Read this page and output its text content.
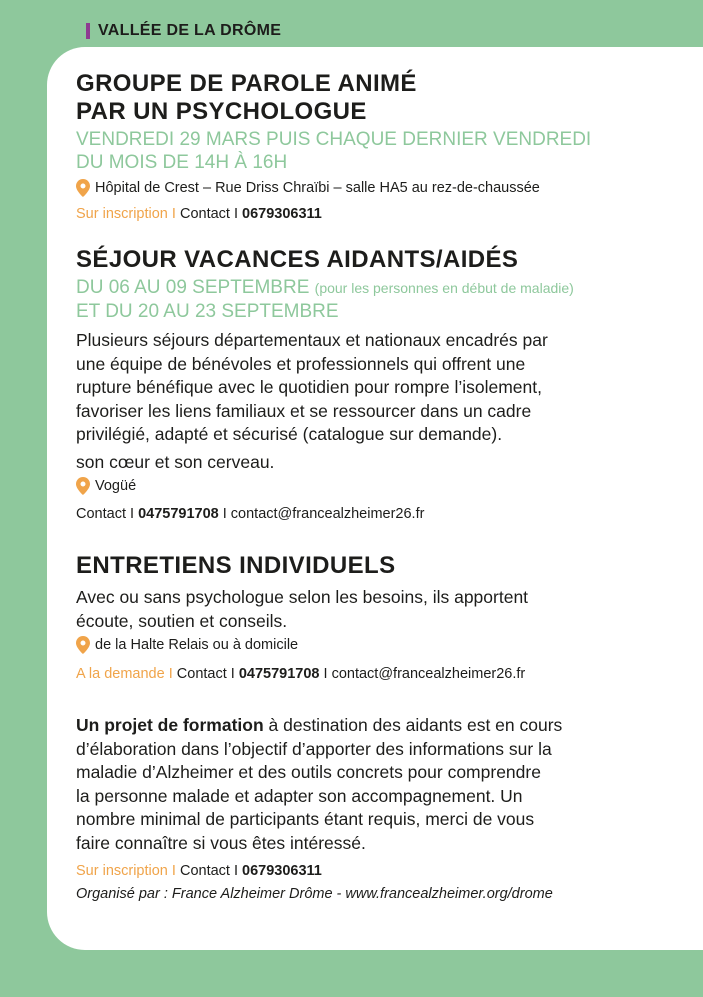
VALLÉE DE LA DRÔME
GROUPE DE PAROLE ANIMÉ
PAR UN PSYCHOLOGUE
VENDREDI 29 MARS PUIS CHAQUE DERNIER VENDREDI
DU MOIS DE 14H À 16H
Hôpital de Crest – Rue Driss Chraïbi – salle HA5 au rez-de-chaussée
Sur inscription I Contact I 0679306311
SÉJOUR VACANCES AIDANTS/AIDÉS
DU 06 AU 09 SEPTEMBRE (pour les personnes en début de maladie)
ET DU 20 AU 23 SEPTEMBRE
Plusieurs séjours départementaux et nationaux encadrés par
une équipe de bénévoles et professionnels qui offrent une
rupture bénéfique avec le quotidien pour rompre l’isolement,
favoriser les liens familiaux et se ressourcer dans un cadre
privilégié, adapté et sécurisé (catalogue sur demande).
son cœur et son cerveau.
Vogüé
Contact I 0475791708 I contact@francealzheimer26.fr
ENTRETIENS INDIVIDUELS
Avec ou sans psychologue selon les besoins, ils apportent
écoute, soutien et conseils.
de la Halte Relais ou à domicile
A la demande I Contact I 0475791708 I contact@francealzheimer26.fr
Un projet de formation à destination des aidants est en cours
d’élaboration dans l’objectif d’apporter des informations sur la
maladie d’Alzheimer et des outils concrets pour comprendre
la personne malade et adapter son accompagnement. Un
nombre minimal de participants étant requis, merci de vous
faire connaître si vous êtes intéressé.
Sur inscription I Contact I 0679306311
Organisé par : France Alzheimer Drôme - www.francealzheimer.org/drome
